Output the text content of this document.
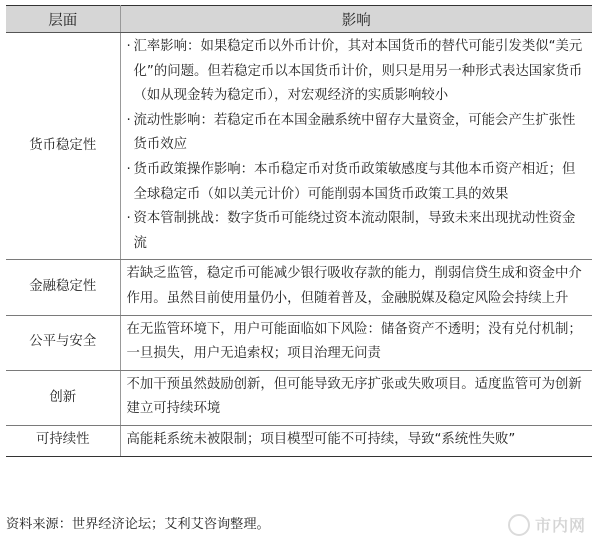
层面	影响
货币稳定性	· 汇率影响：如果稳定币以外币计价，其对本国货币的替代可能引发类似“美元化”的问题。但若稳定币以本国货币计价，则只是用另一种形式表达国家货币（如从现金转为稳定币），对宏观经济的实质影响较小
· 流动性影响：若稳定币在本国金融系统中留存大量资金，可能会产生扩张性货币效应
· 货币政策操作影响：本币稳定币对货币政策敏感度与其他本币资产相近；但全球稳定币（如以美元计价）可能削弱本国货币政策工具的效果
· 资本管制挑战：数字货币可能绕过资本流动限制，导致未来出现扰动性资金流

金融稳定性	若缺乏监管，稳定币可能减少银行吸收存款的能力，削弱信贷生成和资金中介作用。虽然目前使用量仍小，但随着普及，金融脱媒及稳定风险会持续上升
公平与安全	在无监管环境下，用户可能面临如下风险：储备资产不透明；没有兑付机制；一旦损失，用户无追索权；项目治理无问责
创新	不加干预虽然鼓励创新，但可能导致无序扩张或失败项目。适度监管可为创新建立可持续环境
可持续性	高能耗系统未被限制；项目模型可能不可持续，导致“系统性失败”
资料来源：世界经济论坛；艾利艾咨询整理。	市内网
